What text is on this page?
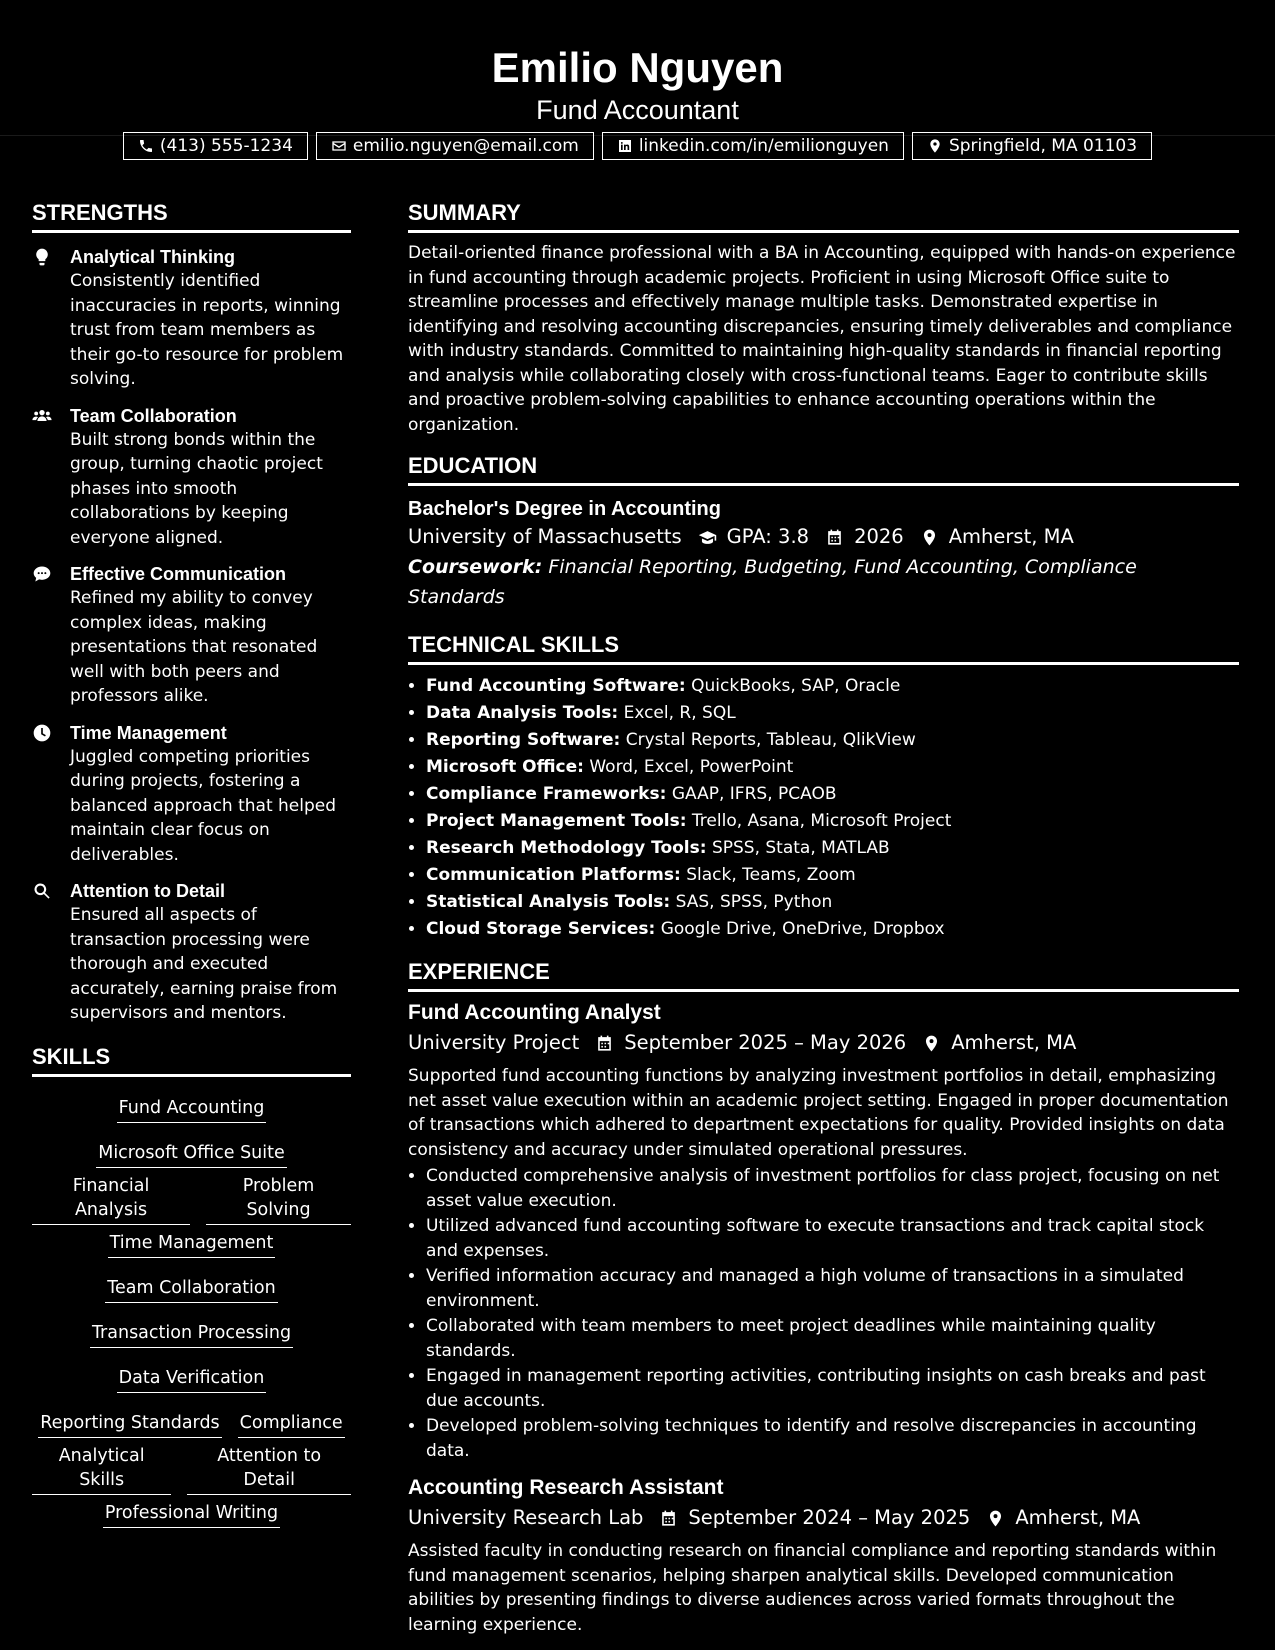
Emilio Nguyen
Fund Accountant
(413) 555-1234	emilio.nguyen@email.com	linkedin.com/in/emilionguyen	Springfield, MA 01103
STRENGTHS
Analytical Thinking

Consistently identified inaccuracies in reports, winning trust from team members as their go-to resource for problem solving.

Team Collaboration

Built strong bonds within the group, turning chaotic project phases into smooth collaborations by keeping everyone aligned.

Effective Communication

Refined my ability to convey complex ideas, making presentations that resonated well with both peers and professors alike.

Time Management

Juggled competing priorities during projects, fostering a balanced approach that helped maintain clear focus on deliverables.

Attention to Detail

Ensured all aspects of transaction processing were thorough and executed accurately, earning praise from supervisors and mentors.

SKILLS
Fund Accounting
Microsoft Office Suite
Financial Analysis
Problem Solving
Time Management
Team Collaboration
Transaction Processing
Data Verification
Reporting Standards Compliance
Analytical Skills
Attention to Detail
Professional Writing
SUMMARY
Detail-oriented finance professional with a BA in Accounting, equipped with hands-on experience in fund accounting through academic projects. Proficient in using Microsoft Office suite to streamline processes and effectively manage multiple tasks. Demonstrated expertise in identifying and resolving accounting discrepancies, ensuring timely deliverables and compliance with industry standards. Committed to maintaining high-quality standards in financial reporting and analysis while collaborating closely with cross-functional teams. Eager to contribute skills and proactive problem-solving capabilities to enhance accounting operations within the organization.
EDUCATION
Bachelor's Degree in Accounting
University of Massachusetts GPA: 3.8 2026 Amherst, MA
Coursework: Financial Reporting, Budgeting, Fund Accounting, Compliance Standards
TECHNICAL SKILLS
• Fund Accounting Software: QuickBooks, SAP, Oracle
• Data Analysis Tools: Excel, R, SQL
• Reporting Software: Crystal Reports, Tableau, QlikView
• Microsoft Office: Word, Excel, PowerPoint
• Compliance Frameworks: GAAP, IFRS, PCAOB
• Project Management Tools: Trello, Asana, Microsoft Project
• Research Methodology Tools: SPSS, Stata, MATLAB
• Communication Platforms: Slack, Teams, Zoom
• Statistical Analysis Tools: SAS, SPSS, Python
• Cloud Storage Services: Google Drive, OneDrive, Dropbox
EXPERIENCE
Fund Accounting Analyst
University Project September 2025 – May 2026 Amherst, MA
Supported fund accounting functions by analyzing investment portfolios in detail, emphasizing net asset value execution within an academic project setting. Engaged in proper documentation of transactions which adhered to department expectations for quality. Provided insights on data consistency and accuracy under simulated operational pressures.
• Conducted comprehensive analysis of investment portfolios for class project, focusing on net asset value execution.
• Utilized advanced fund accounting software to execute transactions and track capital stock and expenses.
• Verified information accuracy and managed a high volume of transactions in a simulated environment.
• Collaborated with team members to meet project deadlines while maintaining quality standards.
• Engaged in management reporting activities, contributing insights on cash breaks and past due accounts.
• Developed problem-solving techniques to identify and resolve discrepancies in accounting data.
Accounting Research Assistant
University Research Lab September 2024 – May 2025 Amherst, MA
Assisted faculty in conducting research on financial compliance and reporting standards within fund management scenarios, helping sharpen analytical skills. Developed communication abilities by presenting findings to diverse audiences across varied formats throughout the learning experience.
